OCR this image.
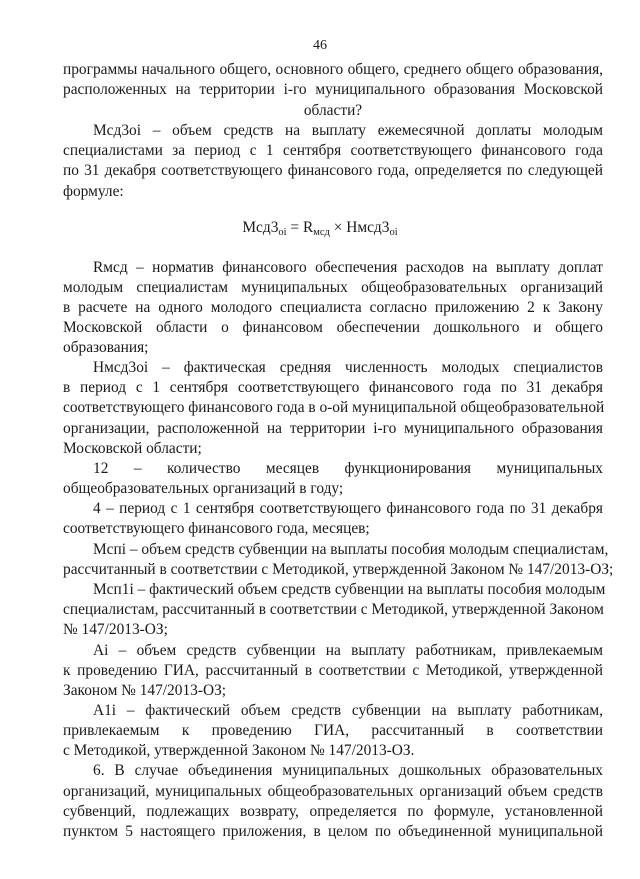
46
программы начального общего, основного общего, среднего общего образования,
расположенных на территории i-го муниципального образования Московской
области?
Мсд3oi – объем средств на выплату ежемесячной доплаты молодым
специалистами за период с 1 сентября соответствующего финансового года
по 31 декабря соответствующего финансового года, определяется по следующей
формуле:
$Мсд3_{oi} = R_{мсд}$ × $Нмсд3_{oi}$
Rмсд – норматив финансового обеспечения расходов на выплату доплат
молодым специалистам муниципальных общеобразовательных организаций
в расчете на одного молодого специалиста согласно приложению 2 к Закону
Московской области о финансовом обеспечении дошкольного и общего
образования;
Нмсд3oi – фактическая средняя численность молодых специалистов
в период с 1 сентября соответствующего финансового года по 31 декабря
соответствующего финансового года в о-ой муниципальной общеобразовательной
организации, расположенной на территории i-го муниципального образования
Московской области;
12 – количество месяцев функционирования муниципальных
общеобразовательных организаций в году;
4 – период с 1 сентября соответствующего финансового года по 31 декабря
соответствующего финансового года, месяцев;
Мспi – объем средств субвенции на выплаты пособия молодым специалистам,
рассчитанный в соответствии с Методикой, утвержденной Законом № 147/2013-ОЗ;
Мсп1i – фактический объем средств субвенции на выплаты пособия молодым
специалистам, рассчитанный в соответствии с Методикой, утвержденной Законом
№ 147/2013-ОЗ;
Аi – объем средств субвенции на выплату работникам, привлекаемым
к проведению ГИА, рассчитанный в соответствии с Методикой, утвержденной
Законом № 147/2013-ОЗ;
А1i – фактический объем средств субвенции на выплату работникам,
привлекаемым к проведению ГИА, рассчитанный в соответствии
с Методикой, утвержденной Законом № 147/2013-ОЗ.
6. В случае объединения муниципальных дошкольных образовательных
организаций, муниципальных общеобразовательных организаций объем средств
субвенций, подлежащих возврату, определяется по формуле, установленной
пунктом 5 настоящего приложения, в целом по объединенной муниципальной
